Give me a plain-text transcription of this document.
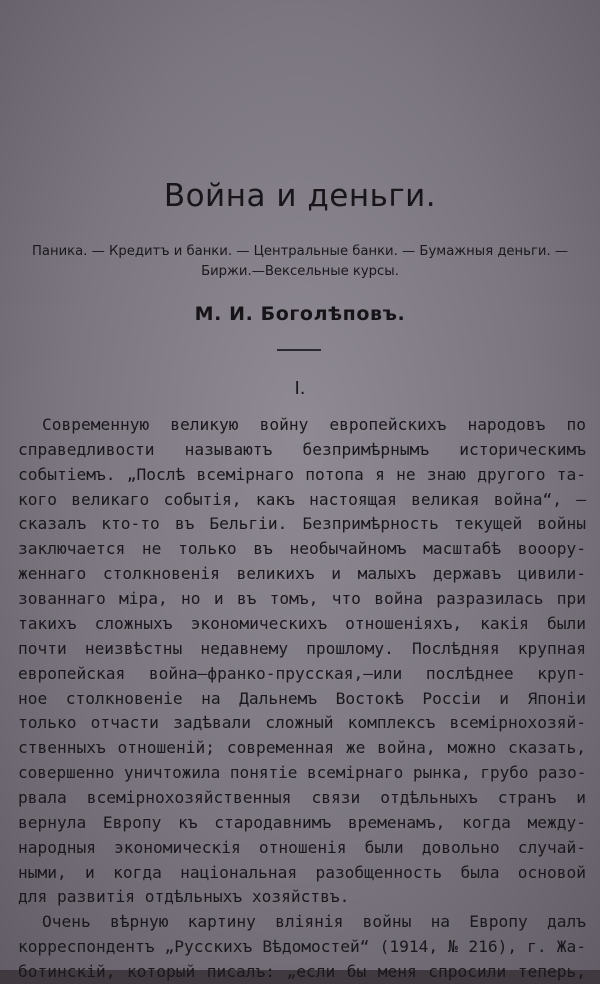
Война и деньги.
Паника. — Кредитъ и банки. — Центральные банки. — Бумажныя деньги. —
Биржи.—Вексельные курсы.
М. И. Боголѣповъ.
I.
Современную великую войну европейскихъ народовъ по
справедливости называютъ безпримѣрнымъ историческимъ
событіемъ. „Послѣ всемірнаго потопа я не знаю другого та-
кого великаго событія, какъ настоящая великая война“, —
сказалъ кто-то въ Бельгіи. Безпримѣрность текущей войны
заключается не только въ необычайномъ масштабѣ вооору-
женнаго столкновенія великихъ и малыхъ державъ цивили-
зованнаго міра, но и въ томъ, что война разразилась при
такихъ сложныхъ экономическихъ отношеніяхъ, какія были
почти неизвѣстны недавнему прошлому. Послѣдняя крупная
европейская война—франко-прусская,—или послѣднее круп-
ное столкновеніе на Дальнемъ Востокѣ Россіи и Японіи
только отчасти задѣвали сложный комплексъ всемірнохозяй-
ственныхъ отношеній; современная же война, можно сказать,
совершенно уничтожила понятіе всемірнаго рынка, грубо разо-
рвала всемірнохозяйственныя связи отдѣльныхъ странъ и
вернула Европу къ стародавнимъ временамъ, когда между-
народныя экономическія отношенія были довольно случай-
ными, и когда національная разобщенность была основой
для развитія отдѣльныхъ хозяйствъ.
Очень вѣрную картину вліянія войны на Европу далъ
корреспондентъ „Русскихъ Вѣдомостей“ (1914, № 216), г. Жа-
ботинскій, который писалъ: „если бы меня спросили теперь,
